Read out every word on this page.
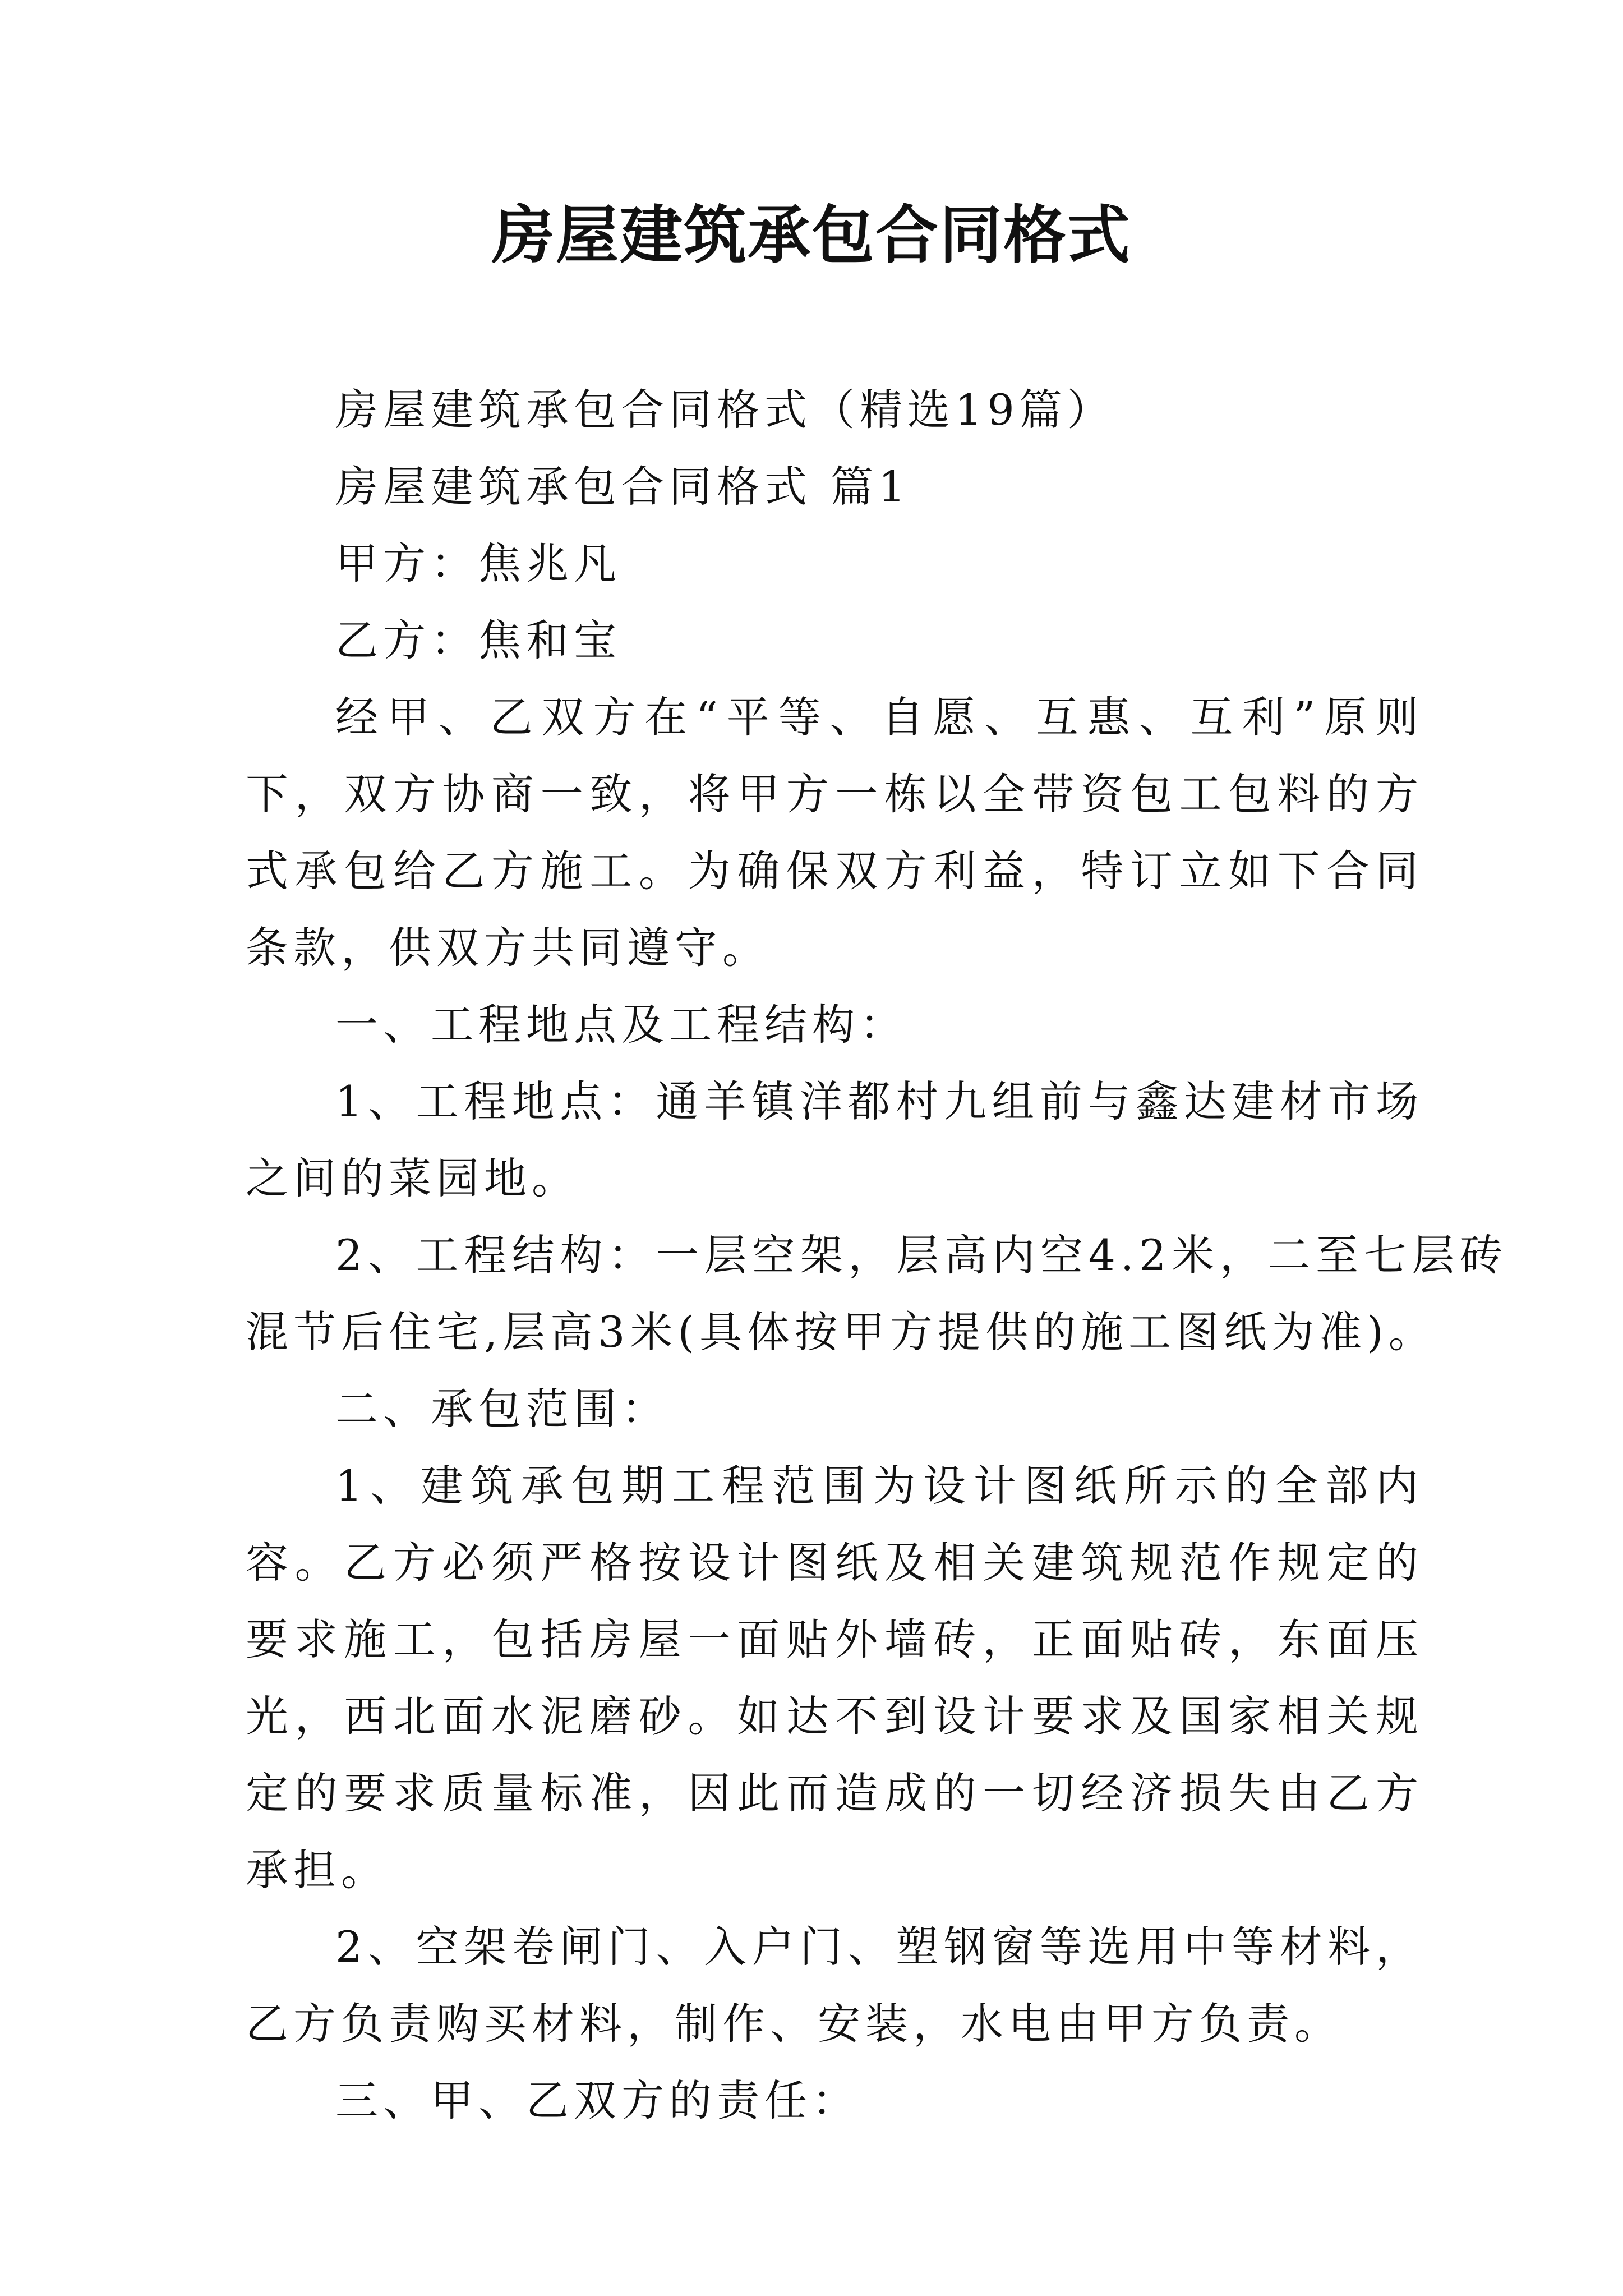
房屋建筑承包合同格式

房屋建筑承包合同格式（精选19篇）

房屋建筑承包合同格式 篇1

甲方：焦兆凡

乙方：焦和宝

经甲、乙双方在“平等、自愿、互惠、互利”原则下，双方协商一致，将甲方一栋以全带资包工包料的方式承包给乙方施工。为确保双方利益，特订立如下合同条款，供双方共同遵守。

一、工程地点及工程结构：

1、工程地点：通羊镇洋都村九组前与鑫达建材市场之间的菜园地。

2、工程结构：一层空架，层高内空4.2米，二至七层砖混节后住宅,层高3米(具体按甲方提供的施工图纸为准)。

二、承包范围：

1、建筑承包期工程范围为设计图纸所示的全部内容。乙方必须严格按设计图纸及相关建筑规范作规定的要求施工，包括房屋一面贴外墙砖，正面贴砖，东面压光，西北面水泥磨砂。如达不到设计要求及国家相关规定的要求质量标准，因此而造成的一切经济损失由乙方承担。

2、空架卷闸门、入户门、塑钢窗等选用中等材料，乙方负责购买材料，制作、安装，水电由甲方负责。

三、甲、乙双方的责任：
